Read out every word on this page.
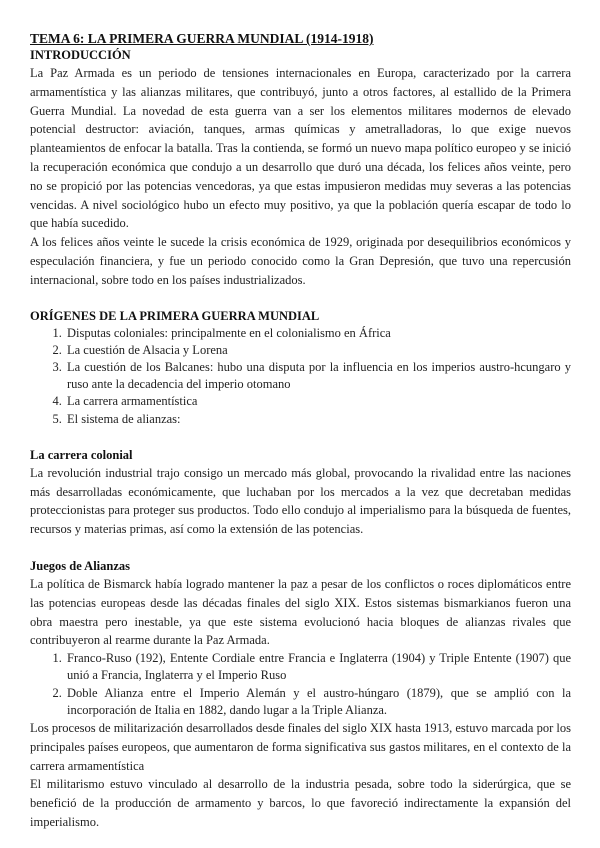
TEMA 6: LA PRIMERA GUERRA MUNDIAL (1914-1918)
INTRODUCCIÓN

La Paz Armada es un periodo de tensiones internacionales en Europa, caracterizado por la carrera armamentística y las alianzas militares, que contribuyó, junto a otros factores, al estallido de la Primera Guerra Mundial. La novedad de esta guerra van a ser los elementos militares modernos de elevado potencial destructor: aviación, tanques, armas químicas y ametralladoras, lo que exige nuevos planteamientos de enfocar la batalla. Tras la contienda, se formó un nuevo mapa político europeo y se inició la recuperación económica que condujo a un desarrollo que duró una década, los felices años veinte, pero no se propició por las potencias vencedoras, ya que estas impusieron medidas muy severas a las potencias vencidas. A nivel sociológico hubo un efecto muy positivo, ya que la población quería escapar de todo lo que había sucedido.

A los felices años veinte le sucede la crisis económica de 1929, originada por desequilibrios económicos y especulación financiera, y fue un periodo conocido como la Gran Depresión, que tuvo una repercusión internacional, sobre todo en los países industrializados.

ORÍGENES DE LA PRIMERA GUERRA MUNDIAL
1. Disputas coloniales: principalmente en el colonialismo en África
2. La cuestión de Alsacia y Lorena
3. La cuestión de los Balcanes: hubo una disputa por la influencia en los imperios austro-hcungaro y ruso ante la decadencia del imperio otomano
4. La carrera armamentística
5. El sistema de alianzas:
La carrera colonial

La revolución industrial trajo consigo un mercado más global, provocando la rivalidad entre las naciones más desarrolladas económicamente, que luchaban por los mercados a la vez que decretaban medidas proteccionistas para proteger sus productos. Todo ello condujo al imperialismo para la búsqueda de fuentes, recursos y materias primas, así como la extensión de las potencias.

Juegos de Alianzas

La política de Bismarck había logrado mantener la paz a pesar de los conflictos o roces diplomáticos entre las potencias europeas desde las décadas finales del siglo XIX. Estos sistemas bismarkianos fueron una obra maestra pero inestable, ya que este sistema evolucionó hacia bloques de alianzas rivales que contribuyeron al rearme durante la Paz Armada.

1. Franco-Ruso (192), Entente Cordiale entre Francia e Inglaterra (1904) y Triple Entente (1907) que unió a Francia, Inglaterra y el Imperio Ruso
2. Doble Alianza entre el Imperio Alemán y el austro-húngaro (1879), que se amplió con la incorporación de Italia en 1882, dando lugar a la Triple Alianza.

Los procesos de militarización desarrollados desde finales del siglo XIX hasta 1913, estuvo marcada por los principales países europeos, que aumentaron de forma significativa sus gastos militares, en el contexto de la carrera armamentística

El militarismo estuvo vinculado al desarrollo de la industria pesada, sobre todo la siderúrgica, que se benefició de la producción de armamento y barcos, lo que favoreció indirectamente la expansión del imperialismo.
